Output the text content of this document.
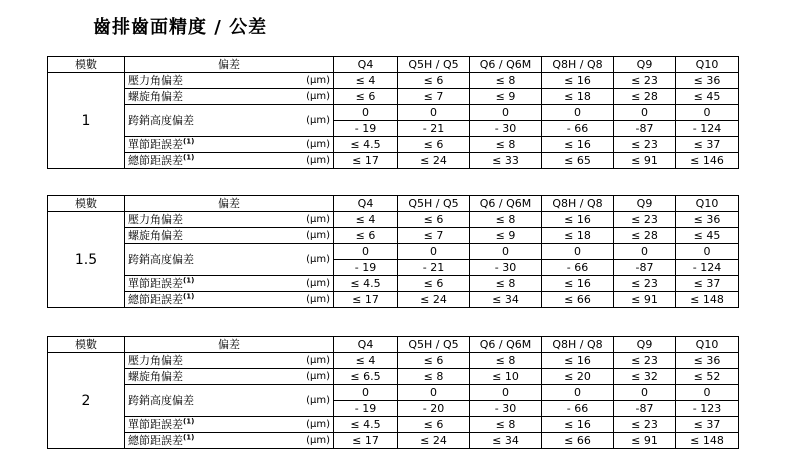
齒排齒面精度 / 公差
模數	偏差		Q4	Q5H / Q5	Q6 / Q6M	Q8H / Q8	Q9	Q10
1	壓力角偏差	(μm)	≤ 4	≤ 6	≤ 8	≤ 16	≤ 23	≤ 36
	螺旋角偏差	(μm)	≤ 6	≤ 7	≤ 9	≤ 18	≤ 28	≤ 45
	跨銷高度偏差	(μm)	0	0	0	0	0	0
			- 19	- 21	- 30	- 66	-87	- 124
	單節距誤差$^{(1)}$	(μm)	≤ 4.5	≤ 6	≤ 8	≤ 16	≤ 23	≤ 37
	總節距誤差$^{(1)}$	(μm)	≤ 17	≤ 24	≤ 33	≤ 65	≤ 91	≤ 146
模數	偏差		Q4	Q5H / Q5	Q6 / Q6M	Q8H / Q8	Q9	Q10
1.5	壓力角偏差	(μm)	≤ 4	≤ 6	≤ 8	≤ 16	≤ 23	≤ 36
	螺旋角偏差	(μm)	≤ 6	≤ 7	≤ 9	≤ 18	≤ 28	≤ 45
	跨銷高度偏差	(μm)	0	0	0	0	0	0
			- 19	- 21	- 30	- 66	-87	- 124
	單節距誤差$^{(1)}$	(μm)	≤ 4.5	≤ 6	≤ 8	≤ 16	≤ 23	≤ 37
	總節距誤差$^{(1)}$	(μm)	≤ 17	≤ 24	≤ 34	≤ 66	≤ 91	≤ 148
模數	偏差		Q4	Q5H / Q5	Q6 / Q6M	Q8H / Q8	Q9	Q10
2	壓力角偏差	(μm)	≤ 4	≤ 6	≤ 8	≤ 16	≤ 23	≤ 36
	螺旋角偏差	(μm)	≤ 6.5	≤ 8	≤ 10	≤ 20	≤ 32	≤ 52
	跨銷高度偏差	(μm)	0	0	0	0	0	0
			- 19	- 20	- 30	- 66	-87	- 123
	單節距誤差$^{(1)}$	(μm)	≤ 4.5	≤ 6	≤ 8	≤ 16	≤ 23	≤ 37
	總節距誤差$^{(1)}$	(μm)	≤ 17	≤ 24	≤ 34	≤ 66	≤ 91	≤ 148
